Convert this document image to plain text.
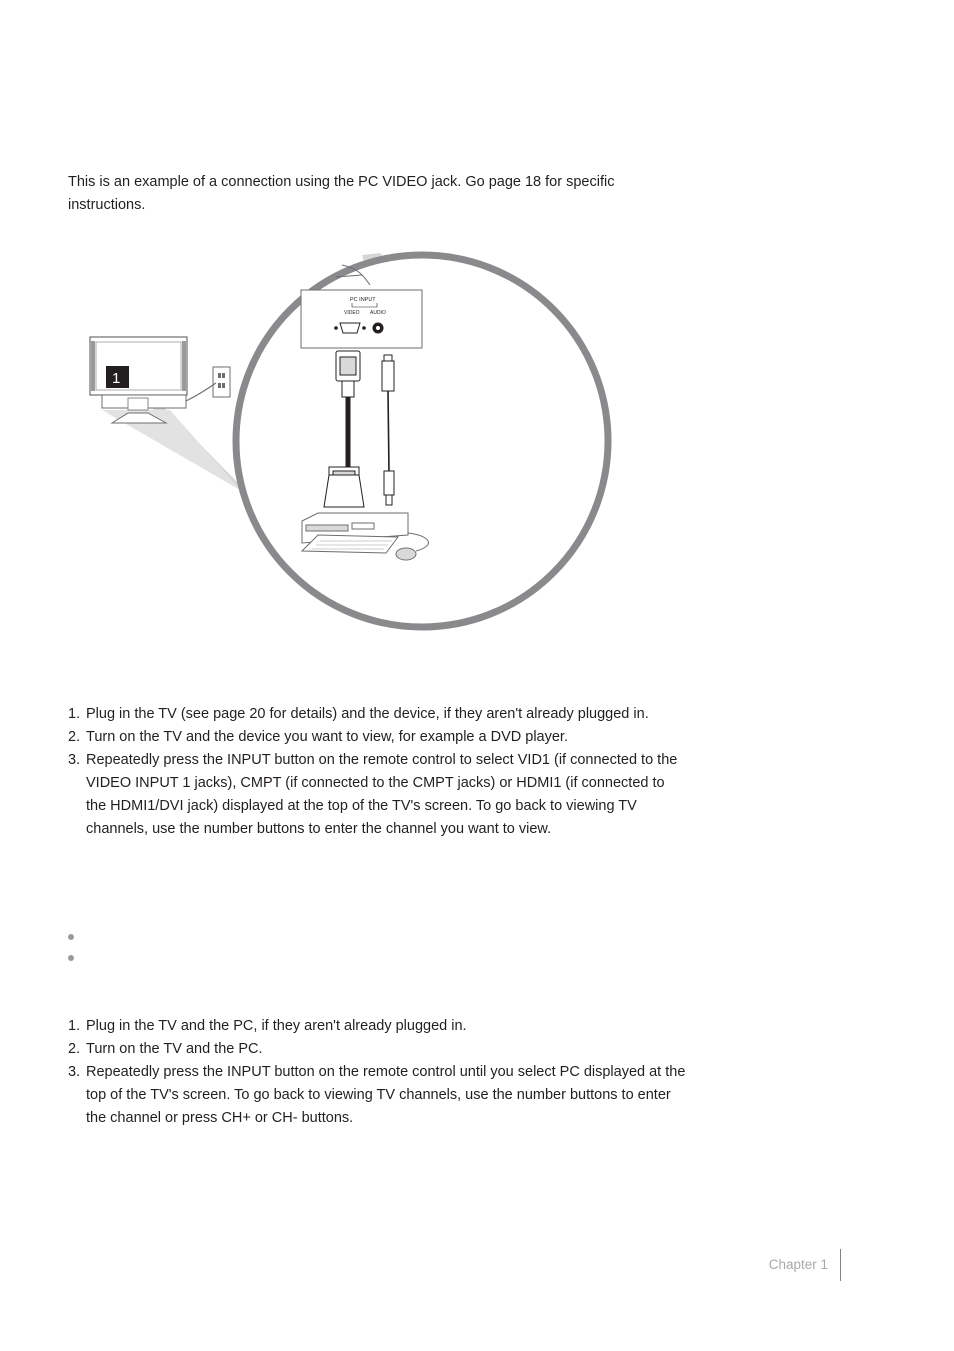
This is an example of a connection using the PC VIDEO jack. Go page 18 for specific instructions.

1
PC INPUT
VIDEO AUDIO
1. Plug in the TV (see page 20 for details) and the device, if they aren't already plugged in.
2. Turn on the TV and the device you want to view, for example a DVD player.
3. Repeatedly press the INPUT button on the remote control to select VID1 (if connected to the VIDEO INPUT 1 jacks), CMPT (if connected to the CMPT jacks) or HDMI1 (if connected to the HDMI1/DVI jack) displayed at the top of the TV's screen. To go back to viewing TV channels, use the number buttons to enter the channel you want to view.
1. Plug in the TV and the PC, if they aren't already plugged in.
2. Turn on the TV and the PC.
3. Repeatedly press the INPUT button on the remote control until you select PC displayed at the top of the TV's screen. To go back to viewing TV channels, use the number buttons to enter the channel or press CH+ or CH- buttons.
Chapter 1
